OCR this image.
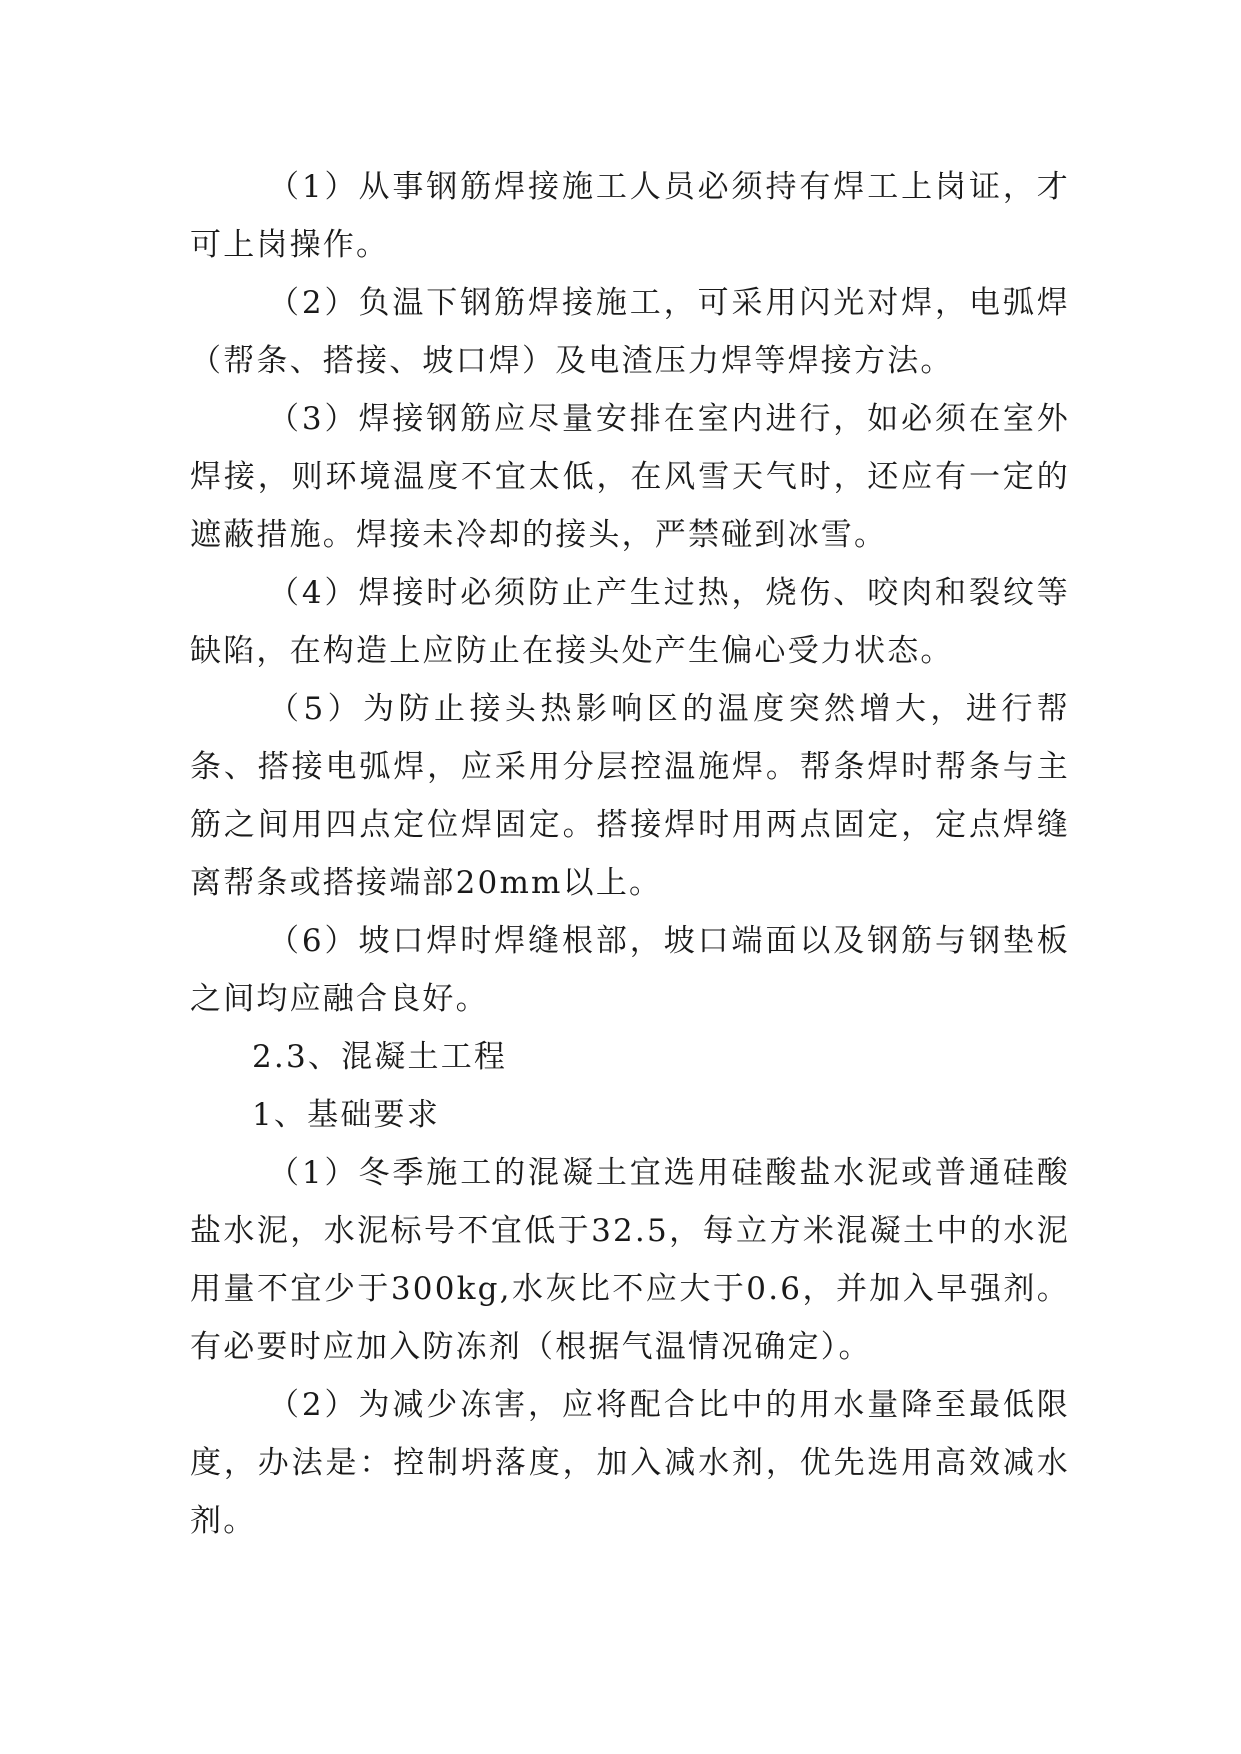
（1）从事钢筋焊接施工人员必须持有焊工上岗证，才可上岗操作。

（2）负温下钢筋焊接施工，可采用闪光对焊，电弧焊（帮条、搭接、坡口焊）及电渣压力焊等焊接方法。

（3）焊接钢筋应尽量安排在室内进行，如必须在室外焊接，则环境温度不宜太低，在风雪天气时，还应有一定的遮蔽措施。焊接未冷却的接头，严禁碰到冰雪。

（4）焊接时必须防止产生过热，烧伤、咬肉和裂纹等缺陷，在构造上应防止在接头处产生偏心受力状态。

（5）为防止接头热影响区的温度突然增大，进行帮条、搭接电弧焊，应采用分层控温施焊。帮条焊时帮条与主筋之间用四点定位焊固定。搭接焊时用两点固定，定点焊缝离帮条或搭接端部20mm以上。

（6）坡口焊时焊缝根部，坡口端面以及钢筋与钢垫板之间均应融合良好。

2.3、混凝土工程

1、基础要求

（1）冬季施工的混凝土宜选用硅酸盐水泥或普通硅酸盐水泥，水泥标号不宜低于32.5，每立方米混凝土中的水泥用量不宜少于300kg,水灰比不应大于0.6，并加入早强剂。有必要时应加入防冻剂（根据气温情况确定）。

（2）为减少冻害，应将配合比中的用水量降至最低限度，办法是：控制坍落度，加入减水剂，优先选用高效减水剂。
